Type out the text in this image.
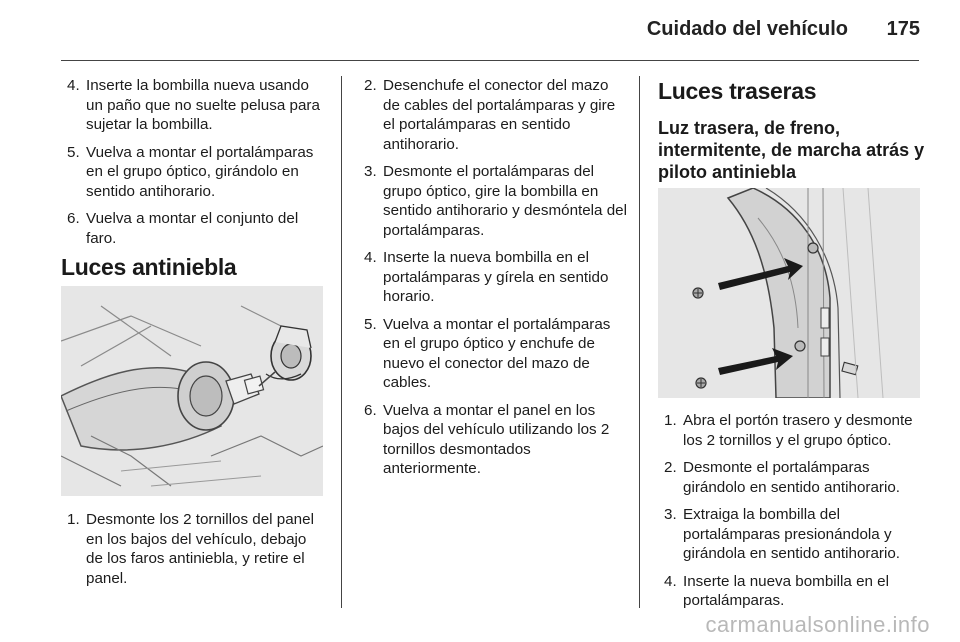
Cuidado del vehículo 175
4. Inserte la bombilla nueva usando un paño que no suelte pelusa para sujetar la bombilla.
5. Vuelva a montar el portalámparas en el grupo óptico, girándolo en sentido antihorario.
6. Vuelva a montar el conjunto del faro.
Luces antiniebla
1. Desmonte los 2 tornillos del panel en los bajos del vehículo, debajo de los faros antiniebla, y retire el panel.
2. Desenchufe el conector del mazo de cables del portalámparas y gire el portalámparas en sentido antihorario.
3. Desmonte el portalámparas del grupo óptico, gire la bombilla en sentido antihorario y desmóntela del portalámparas.
4. Inserte la nueva bombilla en el portalámparas y gírela en sentido horario.
5. Vuelva a montar el portalámparas en el grupo óptico y enchufe de nuevo el conector del mazo de cables.
6. Vuelva a montar el panel en los bajos del vehículo utilizando los 2 tornillos desmontados anteriormente.
Luces traseras
Luz trasera, de freno, intermitente, de marcha atrás y piloto antiniebla
1. Abra el portón trasero y desmonte los 2 tornillos y el grupo óptico.
2. Desmonte el portalámparas girándolo en sentido antihorario.
3. Extraiga la bombilla del portalámparas presionándola y girándola en sentido antihorario.
4. Inserte la nueva bombilla en el portalámparas.
carmanualsonline.info
